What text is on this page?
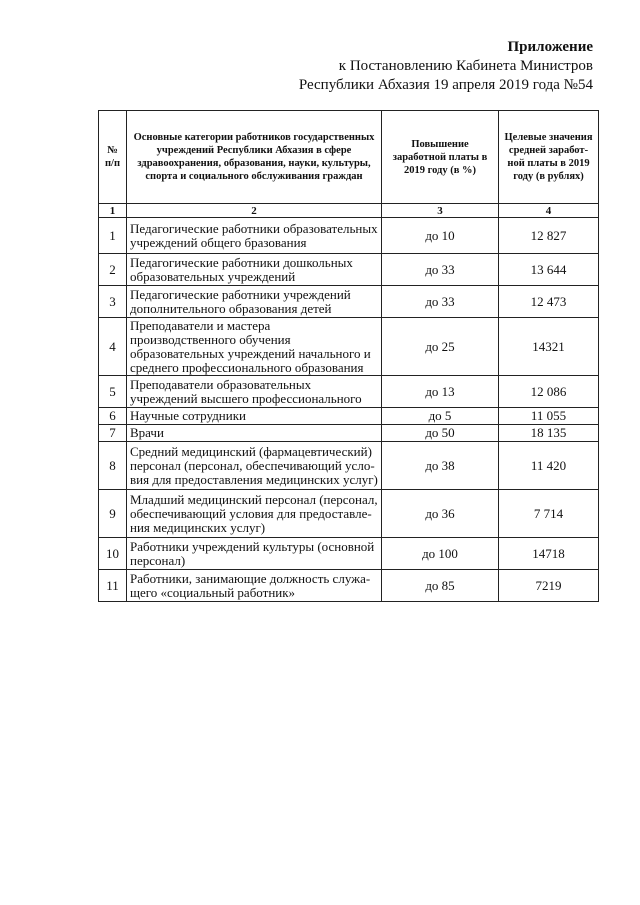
Приложение
к Постановлению Кабинета Министров
Республики Абхазия 19 апреля 2019 года №54
№ п/п	Основные категории работников государственных учреждений Республики Абхазия в сфере здравоохранения, образования, науки, культуры, спорта и социального обслуживания граждан	Повышение заработной платы в 2019 году (в %)	Целевые значения средней заработ- ной платы в 2019 году (в рублях)
1	2	3	4
1	Педагогические работники образовательных учреждений общего бразования	до 10	12 827
2	Педагогические работники дошкольных образовательных учреждений	до 33	13 644
3	Педагогические работники учреждений дополнительного образования детей	до 33	12 473
4	Преподаватели и мастера производственного обучения образовательных учреждений начального и среднего профессионального образования	до 25	14321
5	Преподаватели образовательных учреждений высшего профессионального	до 13	12 086
6	Научные сотрудники	до 5	11 055
7	Врачи	до 50	18 135
8	Средний медицинский (фармацевтический) персонал (персонал, обеспечивающий усло- вия для предоставления медицинских услуг)	до 38	11 420
9	Младший медицинский персонал (персонал, обеспечивающий условия для предоставле- ния медицинских услуг)	до 36	7 714
10	Работники учреждений культуры (основной персонал)	до 100	14718
11	Работники, занимающие должность служа- щего «социальный работник»	до 85	7219
